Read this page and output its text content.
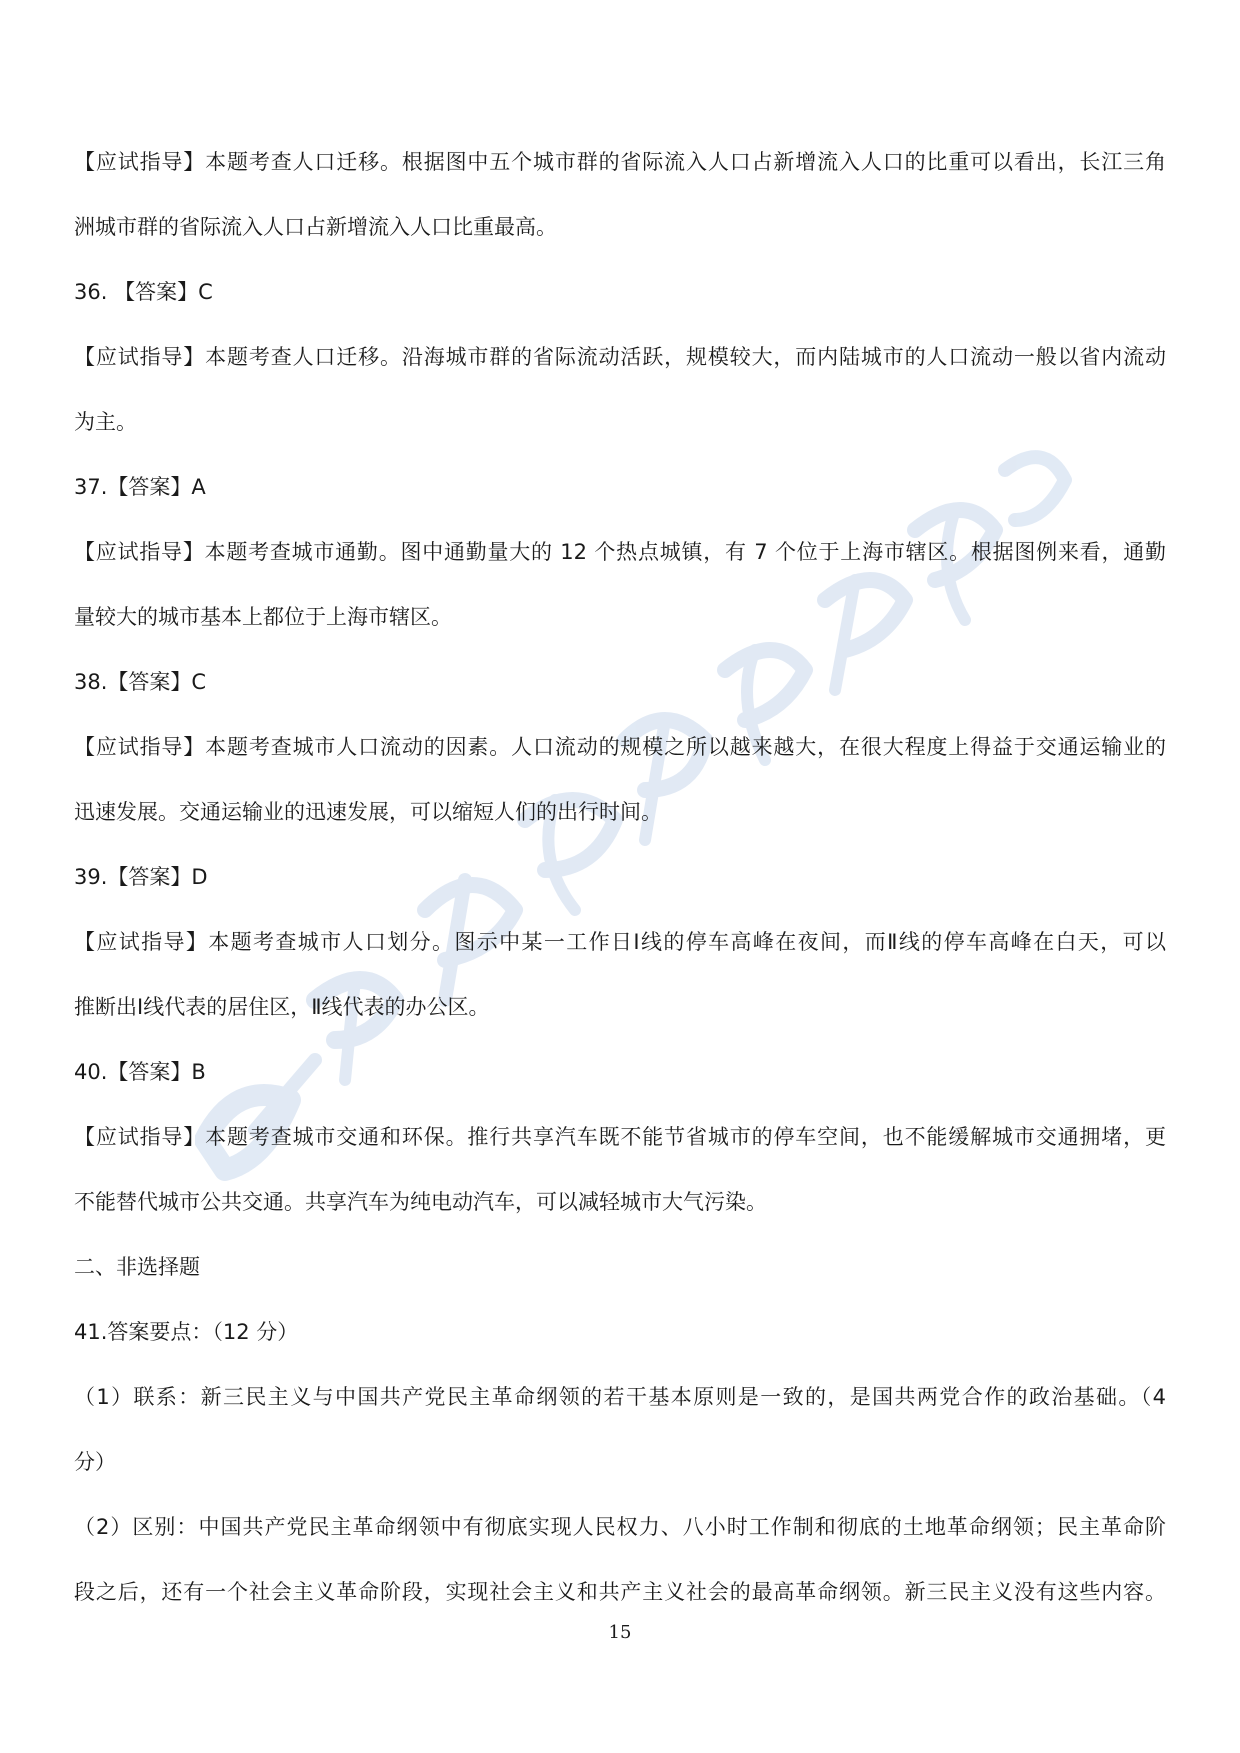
【应试指导】本题考查人口迁移。根据图中五个城市群的省际流入人口占新增流入人口的比重可以看出，长江三角
洲城市群的省际流入人口占新增流入人口比重最高。
36. 【答案】C
【应试指导】本题考查人口迁移。沿海城市群的省际流动活跃，规模较大，而内陆城市的人口流动一般以省内流动
为主。
37.【答案】A
【应试指导】本题考查城市通勤。图中通勤量大的 12 个热点城镇，有 7 个位于上海市辖区。根据图例来看，通勤
量较大的城市基本上都位于上海市辖区。
38.【答案】C
【应试指导】本题考查城市人口流动的因素。人口流动的规模之所以越来越大，在很大程度上得益于交通运输业的
迅速发展。交通运输业的迅速发展，可以缩短人们的出行时间。
39.【答案】D
【应试指导】本题考查城市人口划分。图示中某一工作日Ⅰ线的停车高峰在夜间，而Ⅱ线的停车高峰在白天，可以
推断出Ⅰ线代表的居住区，Ⅱ线代表的办公区。
40.【答案】B
【应试指导】本题考查城市交通和环保。推行共享汽车既不能节省城市的停车空间，也不能缓解城市交通拥堵，更
不能替代城市公共交通。共享汽车为纯电动汽车，可以减轻城市大气污染。
二、非选择题
41.答案要点：（12 分）
（1）联系：新三民主义与中国共产党民主革命纲领的若干基本原则是一致的，是国共两党合作的政治基础。（4
分）
（2）区别：中国共产党民主革命纲领中有彻底实现人民权力、八小时工作制和彻底的土地革命纲领；民主革命阶
段之后，还有一个社会主义革命阶段，实现社会主义和共产主义社会的最高革命纲领。新三民主义没有这些内容。
15
